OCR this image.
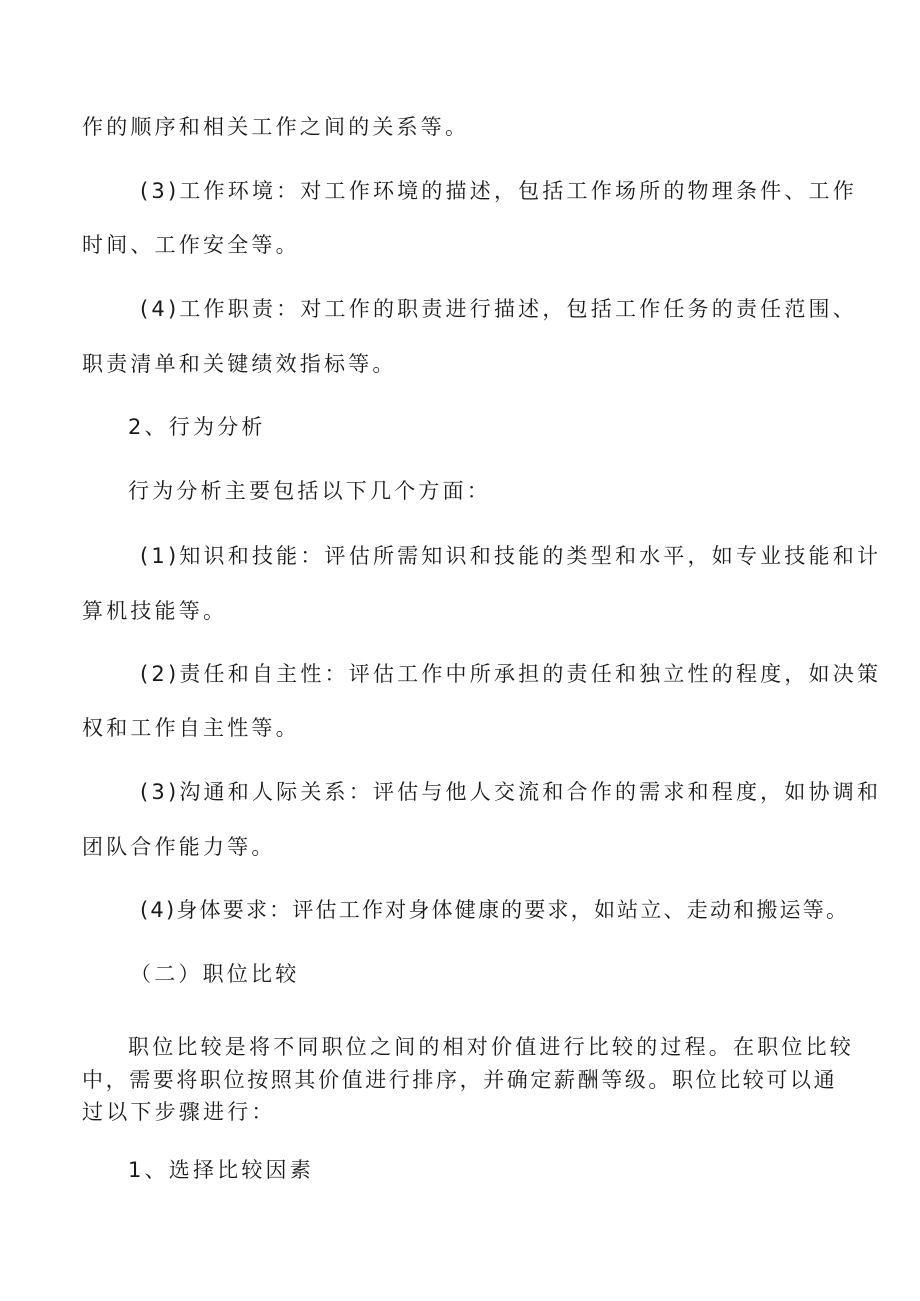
作的顺序和相关工作之间的关系等。

(3)工作环境：对工作环境的描述，包括工作场所的物理条件、工作

时间、工作安全等。

(4)工作职责：对工作的职责进行描述，包括工作任务的责任范围、

职责清单和关键绩效指标等。

2、行为分析

行为分析主要包括以下几个方面：

(1)知识和技能：评估所需知识和技能的类型和水平，如专业技能和计

算机技能等。

(2)责任和自主性：评估工作中所承担的责任和独立性的程度，如决策

权和工作自主性等。

(3)沟通和人际关系：评估与他人交流和合作的需求和程度，如协调和

团队合作能力等。

(4)身体要求：评估工作对身体健康的要求，如站立、走动和搬运等。

（二）职位比较

职位比较是将不同职位之间的相对价值进行比较的过程。在职位比较

中，需要将职位按照其价值进行排序，并确定薪酬等级。职位比较可以通

过以下步骤进行：

1、选择比较因素
